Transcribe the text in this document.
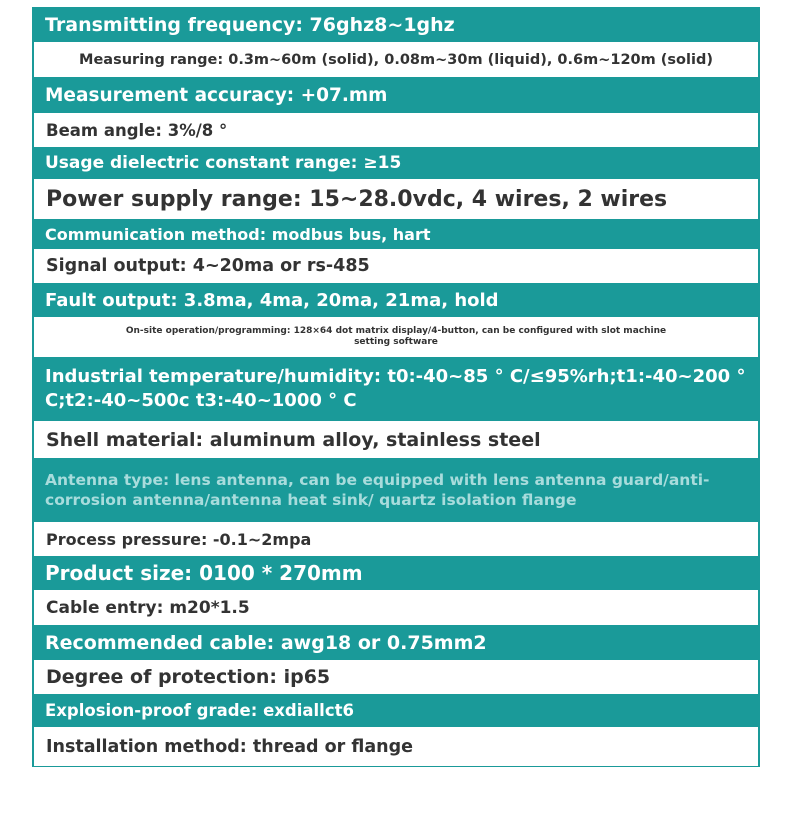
Transmitting frequency: 76ghz8~1ghz
Measuring range: 0.3m~60m (solid), 0.08m~30m (liquid), 0.6m~120m (solid)
Measurement accuracy: +07.mm
Beam angle: 3%/8 °
Usage dielectric constant range: ≥15
Power supply range: 15~28.0vdc, 4 wires, 2 wires
Communication method: modbus bus, hart
Signal output: 4~20ma or rs-485
Fault output: 3.8ma, 4ma, 20ma, 21ma, hold
On-site operation/programming: 128×64 dot matrix display/4-button, can be configured with slot machine setting software
Industrial temperature/humidity: t0:-40~85 ° C/≤95%rh;t1:-40~200 ° C;t2:-40~500c t3:-40~1000 ° C
Shell material: aluminum alloy, stainless steel
Antenna type: lens antenna, can be equipped with lens antenna guard/anti-corrosion antenna/antenna heat sink/ quartz isolation flange
Process pressure: -0.1~2mpa
Product size: 0100 * 270mm
Cable entry: m20*1.5
Recommended cable: awg18 or 0.75mm2
Degree of protection: ip65
Explosion-proof grade: exdiallct6
Installation method: thread or flange
